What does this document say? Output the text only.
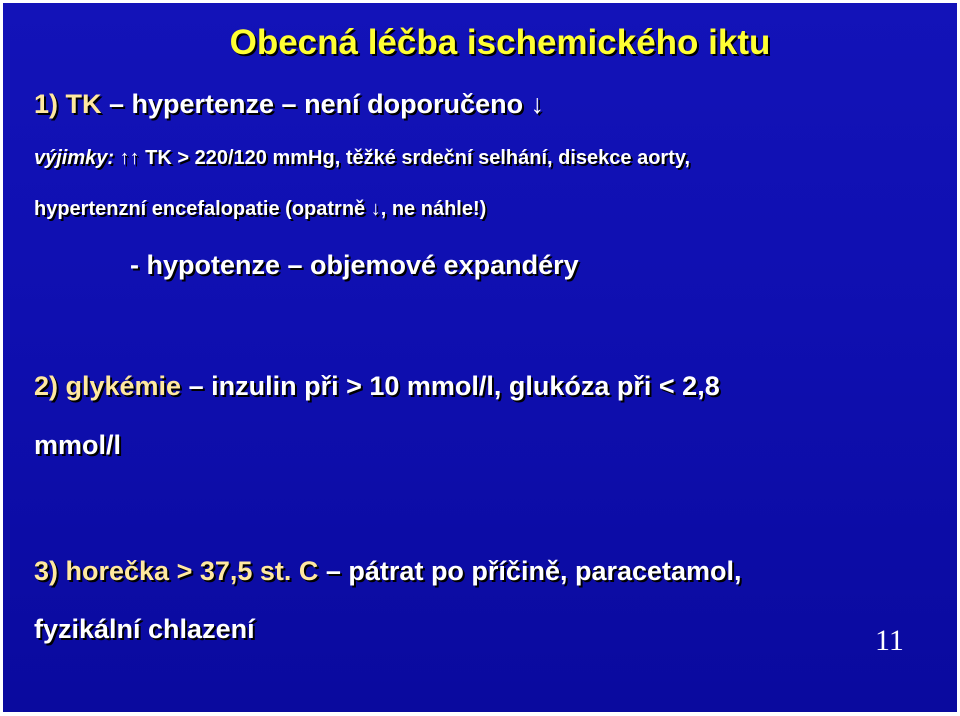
Obecná léčba ischemického iktu
1) TK – hypertenze – není doporučeno ↓
výjimky: ↑↑ TK > 220/120 mmHg, těžké srdeční selhání, disekce aorty,
hypertenzní encefalopatie (opatrně ↓, ne náhle!)
- hypotenze – objemové expandéry
2) glykémie – inzulin při > 10 mmol/l, glukóza při < 2,8
mmol/l
3) horečka > 37,5 st. C – pátrat po příčině, paracetamol,
fyzikální chlazení	11
